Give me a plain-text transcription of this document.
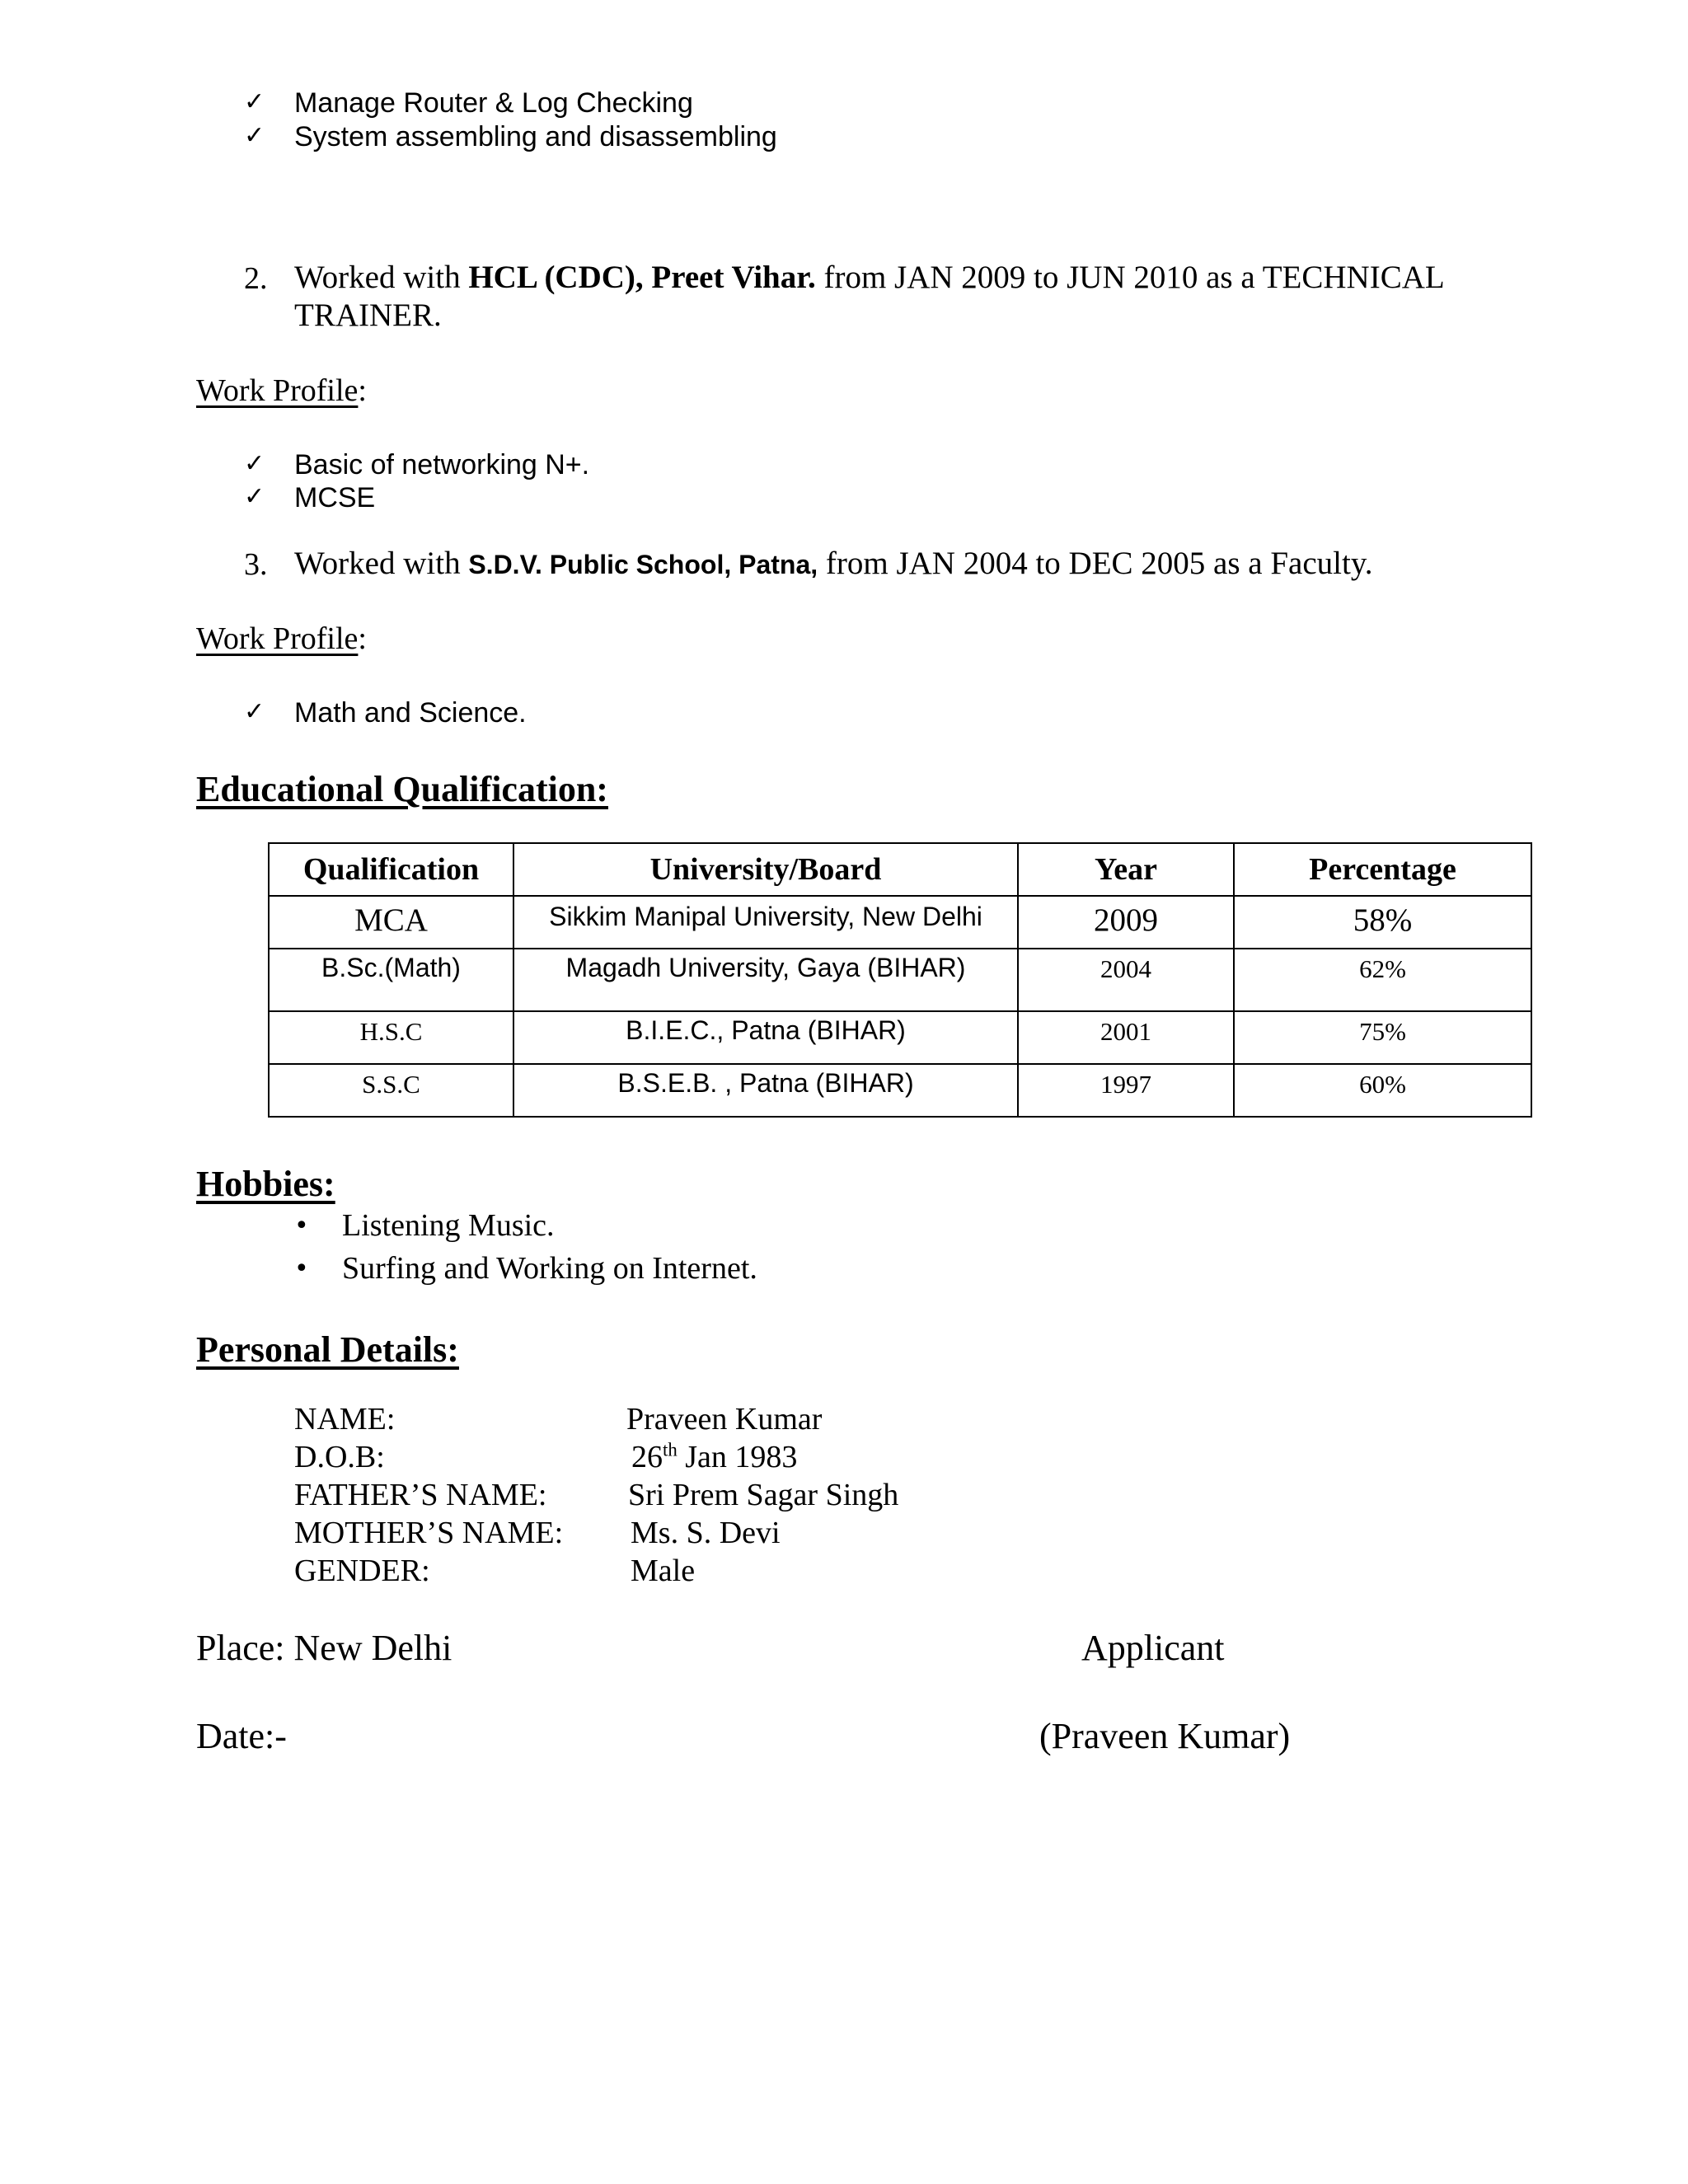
✓ Manage Router & Log Checking
✓ System assembling and disassembling
2. Worked with HCL (CDC), Preet Vihar. from JAN 2009 to JUN 2010 as a TECHNICAL
TRAINER.
Work Profile:
✓ Basic of networking N+.
✓ MCSE
3. Worked with S.D.V. Public School, Patna, from JAN 2004 to DEC 2005 as a Faculty.
Work Profile:
✓ Math and Science.
Educational Qualification:
Qualification	University/Board	Year	Percentage
MCA	Sikkim Manipal University, New Delhi	2009	58%
B.Sc.(Math)	Magadh University, Gaya (BIHAR)	2004	62%
H.S.C	B.I.E.C., Patna (BIHAR)	2001	75%
S.S.C	B.S.E.B. , Patna (BIHAR)	1997	60%
Hobbies:
• Listening Music.
• Surfing and Working on Internet.
Personal Details:
NAME:	Praveen Kumar
D.O.B:	26th Jan 1983
FATHER’S NAME:	Sri Prem Sagar Singh
MOTHER’S NAME: Ms. S. Devi
GENDER:	Male
Place: New Delhi	Applicant
Date:-	(Praveen Kumar)
